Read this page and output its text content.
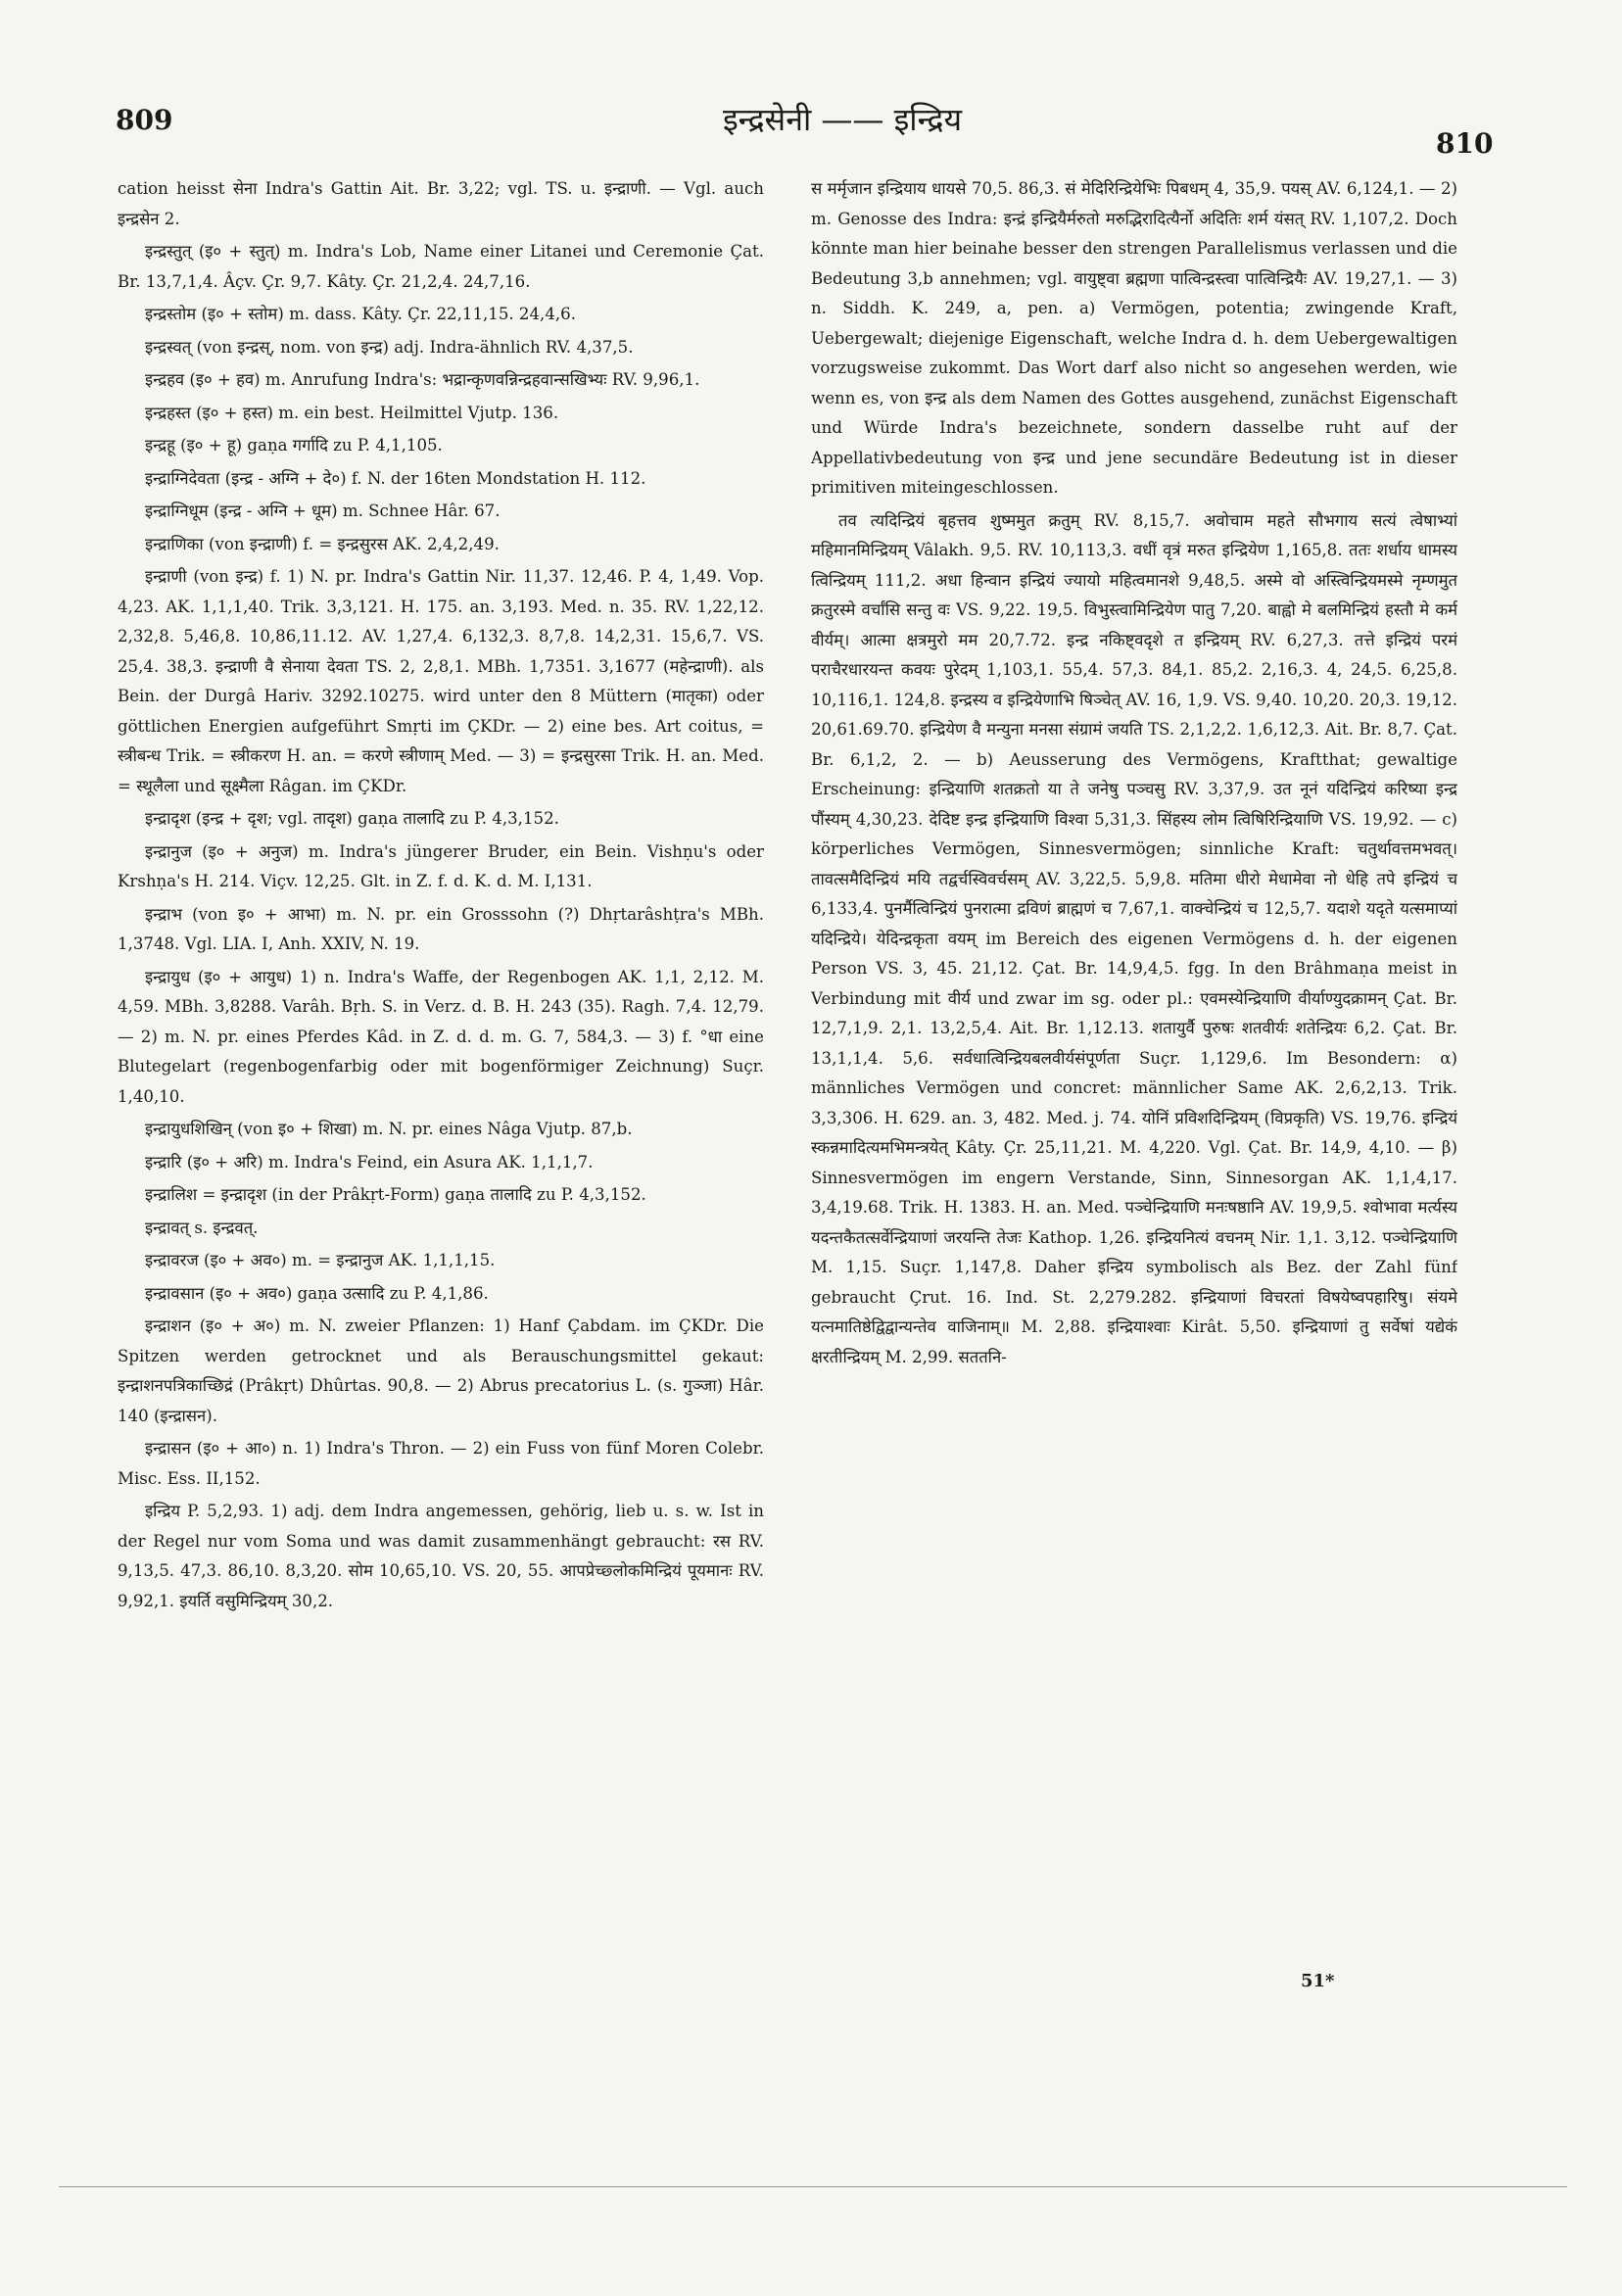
809	इन्द्रसेनी —— इन्द्रिय
810

cation heisst सेना Indra's Gattin Ait. Br. 3,22; vgl. TS. u. इन्द्राणी. — Vgl. auch इन्द्रसेन 2.

इन्द्रस्तुत् (इ० + स्तुत्) m. Indra's Lob, Name einer Litanei und Ceremonie Çat. Br. 13,7,1,4. Âçv. Çr. 9,7. Kâty. Çr. 21,2,4. 24,7,16.

इन्द्रस्तोम (इ० + स्तोम) m. dass. Kâty. Çr. 22,11,15. 24,4,6.

इन्द्रस्वत् (von इन्द्रस्, nom. von इन्द्र) adj. Indra-ähnlich RV. 4,37,5.

इन्द्रहव (इ० + हव) m. Anrufung Indra's: भद्रान्कृणवन्निन्द्रहवान्सखिभ्यः RV. 9,96,1.

इन्द्रहस्त (इ० + हस्त) m. ein best. Heilmittel Vjutp. 136.

इन्द्रहू (इ० + हू) gaṇa गर्गादि zu P. 4,1,105.

इन्द्राग्निदेवता (इन्द्र - अग्नि + दे०) f. N. der 16ten Mondstation H. 112.

इन्द्राग्निधूम (इन्द्र - अग्नि + धूम) m. Schnee Hâr. 67.

इन्द्राणिका (von इन्द्राणी) f. = इन्द्रसुरस AK. 2,4,2,49.

इन्द्राणी (von इन्द्र) f. 1) N. pr. Indra's Gattin Nir. 11,37. 12,46. P. 4, 1,49. Vop. 4,23. AK. 1,1,1,40. Trik. 3,3,121. H. 175. an. 3,193. Med. n. 35. RV. 1,22,12. 2,32,8. 5,46,8. 10,86,11.12. AV. 1,27,4. 6,132,3. 8,7,8. 14,2,31. 15,6,7. VS. 25,4. 38,3. इन्द्राणी वै सेनाया देवता TS. 2, 2,8,1. MBh. 1,7351. 3,1677 (महेन्द्राणी). als Bein. der Durgâ Hariv. 3292.10275. wird unter den 8 Müttern (मातृका) oder göttlichen Energien aufgeführt Smṛti im ÇKDr. — 2) eine bes. Art coitus, = स्त्रीबन्ध Trik. = स्त्रीकरण H. an. = करणे स्त्रीणाम् Med. — 3) = इन्द्रसुरसा Trik. H. an. Med. = स्थूलैला und सूक्ष्मैला Râgan. im ÇKDr.

इन्द्रादृश (इन्द्र + दृश; vgl. तादृश) gaṇa तालादि zu P. 4,3,152.

इन्द्रानुज (इ० + अनुज) m. Indra's jüngerer Bruder, ein Bein. Vishṇu's oder Krshṇa's H. 214. Viçv. 12,25. Glt. in Z. f. d. K. d. M. I,131.

इन्द्राभ (von इ० + आभा) m. N. pr. ein Grosssohn (?) Dhṛtarâshṭra's MBh. 1,3748. Vgl. LIA. I, Anh. XXIV, N. 19.

इन्द्रायुध (इ० + आयुध) 1) n. Indra's Waffe, der Regenbogen AK. 1,1, 2,12. M. 4,59. MBh. 3,8288. Varâh. Bṛh. S. in Verz. d. B. H. 243 (35). Ragh. 7,4. 12,79. — 2) m. N. pr. eines Pferdes Kâd. in Z. d. d. m. G. 7, 584,3. — 3) f. °धा eine Blutegelart (regenbogenfarbig oder mit bogenförmiger Zeichnung) Suçr. 1,40,10.

इन्द्रायुधशिखिन् (von इ० + शिखा) m. N. pr. eines Nâga Vjutp. 87,b.

इन्द्रारि (इ० + अरि) m. Indra's Feind, ein Asura AK. 1,1,1,7.

इन्द्रालिश = इन्द्रादृश (in der Prâkṛt-Form) gaṇa तालादि zu P. 4,3,152.

इन्द्रावत् s. इन्द्रवत्.

इन्द्रावरज (इ० + अव०) m. = इन्द्रानुज AK. 1,1,1,15.

इन्द्रावसान (इ० + अव०) gaṇa उत्सादि zu P. 4,1,86.

इन्द्राशन (इ० + अ०) m. N. zweier Pflanzen: 1) Hanf Çabdam. im ÇKDr. Die Spitzen werden getrocknet und als Berauschungsmittel gekaut: इन्द्राशनपत्रिकाच्छिद्रं (Prâkṛt) Dhûrtas. 90,8. — 2) Abrus precatorius L. (s. गुञ्जा) Hâr. 140 (इन्द्रासन).

इन्द्रासन (इ० + आ०) n. 1) Indra's Thron. — 2) ein Fuss von fünf Moren Colebr. Misc. Ess. II,152.

इन्द्रिय P. 5,2,93. 1) adj. dem Indra angemessen, gehörig, lieb u. s. w. Ist in der Regel nur vom Soma und was damit zusammenhängt gebraucht: रस RV. 9,13,5. 47,3. 86,10. 8,3,20. सोम 10,65,10. VS. 20, 55. आपप्रेच्छ्लोकमिन्द्रियं पूयमानः RV. 9,92,1. इयर्ति वसुमिन्द्रियम् 30,2.

स मर्मृजान इन्द्रियाय धायसे 70,5. 86,3. सं मेदिरिन्द्रियेभिः पिबधम् 4, 35,9. पयस् AV. 6,124,1. — 2) m. Genosse des Indra: इन्द्रं इन्द्रियैर्मरुतो मरुद्भिरादित्यैर्नो अदितिः शर्म यंसत् RV. 1,107,2. Doch könnte man hier beinahe besser den strengen Parallelismus verlassen und die Bedeutung 3,b annehmen; vgl. वायुष्ट्वा ब्रह्मणा पात्विन्द्रस्त्वा पात्विन्द्रियैः AV. 19,27,1. — 3) n. Siddh. K. 249, a, pen. a) Vermögen, potentia; zwingende Kraft, Uebergewalt; diejenige Eigenschaft, welche Indra d. h. dem Uebergewaltigen vorzugsweise zukommt. Das Wort darf also nicht so angesehen werden, wie wenn es, von इन्द्र als dem Namen des Gottes ausgehend, zunächst Eigenschaft und Würde Indra's bezeichnete, sondern dasselbe ruht auf der Appellativbedeutung von इन्द्र und jene secundäre Bedeutung ist in dieser primitiven miteingeschlossen.

तव त्यदिन्द्रियं बृहत्तव शुष्ममुत क्रतुम् RV. 8,15,7. अवोचाम महते सौभगाय सत्यं त्वेषाभ्यां महिमानमिन्द्रियम् Vâlakh. 9,5. RV. 10,113,3. वधीं वृत्रं मरुत इन्द्रियेण 1,165,8. ततः शर्धाय धामस्य त्विन्द्रियम् 111,2. अधा हिन्वान इन्द्रियं ज्यायो महित्वमानशे 9,48,5. अस्मे वो अस्त्विन्द्रियमस्मे नृम्णमुत क्रतुरस्मे वर्चांसि सन्तु वः VS. 9,22. 19,5. विभुस्त्वामिन्द्रियेण पातु 7,20. बाह्वो मे बलमिन्द्रियं हस्तौ मे कर्म वीर्यम्। आत्मा क्षत्रमुरो मम 20,7.72. इन्द्र नकिष्ट्वदृशे त इन्द्रियम् RV. 6,27,3. तत्ते इन्द्रियं परमं पराचैरधारयन्त कवयः पुरेदम् 1,103,1. 55,4. 57,3. 84,1. 85,2. 2,16,3. 4, 24,5. 6,25,8. 10,116,1. 124,8. इन्द्रस्य व इन्द्रियेणाभि षिञ्चेत् AV. 16, 1,9. VS. 9,40. 10,20. 20,3. 19,12. 20,61.69.70. इन्द्रियेण वै मन्युना मनसा संग्रामं जयति TS. 2,1,2,2. 1,6,12,3. Ait. Br. 8,7. Çat. Br. 6,1,2, 2. — b) Aeusserung des Vermögens, Kraftthat; gewaltige Erscheinung: इन्द्रियाणि शतक्रतो या ते जनेषु पञ्चसु RV. 3,37,9. उत नूनं यदिन्द्रियं करिष्या इन्द्र पौंस्यम् 4,30,23. देदिष्ट इन्द्र इन्द्रियाणि विश्वा 5,31,3. सिंहस्य लोम त्विषिरिन्द्रियाणि VS. 19,92. — c) körperliches Vermögen, Sinnesvermögen; sinnliche Kraft: चतुर्थावत्तमभवत्। तावत्समैदिन्द्रियं मयि तद्वर्चस्विवर्चसम् AV. 3,22,5. 5,9,8. मतिमा धीरो मेधामेवा नो धेहि तपे इन्द्रियं च 6,133,4. पुनर्मैत्विन्द्रियं पुनरात्मा द्रविणं ब्राह्मणं च 7,67,1. वाक्चेन्द्रियं च 12,5,7. यदाशे यदृते यत्समाप्यां यदिन्द्रिये। येदिन्द्रकृता वयम् im Bereich des eigenen Vermögens d. h. der eigenen Person VS. 3, 45. 21,12. Çat. Br. 14,9,4,5. fgg. In den Brâhmaṇa meist in Verbindung mit वीर्य und zwar im sg. oder pl.: एवमस्येन्द्रियाणि वीर्याण्युदक्रामन् Çat. Br. 12,7,1,9. 2,1. 13,2,5,4. Ait. Br. 1,12.13. शतायुर्वै पुरुषः शतवीर्यः शतेन्द्रियः 6,2. Çat. Br. 13,1,1,4. 5,6. सर्वधात्विन्द्रियबलवीर्यसंपूर्णता Suçr. 1,129,6. Im Besondern: α) männliches Vermögen und concret: männlicher Same AK. 2,6,2,13. Trik. 3,3,306. H. 629. an. 3, 482. Med. j. 74. योनिं प्रविशदिन्द्रियम् (विप्रकृति) VS. 19,76. इन्द्रियं स्कन्नमादित्यमभिमन्त्रयेत् Kâty. Çr. 25,11,21. M. 4,220. Vgl. Çat. Br. 14,9, 4,10. — β) Sinnesvermögen im engern Verstande, Sinn, Sinnesorgan AK. 1,1,4,17. 3,4,19.68. Trik. H. 1383. H. an. Med. पञ्चेन्द्रियाणि मनःषष्ठानि AV. 19,9,5. श्वोभावा मर्त्यस्य यदन्तकैतत्सर्वेन्द्रियाणां जरयन्ति तेजः Kathop. 1,26. इन्द्रियनित्यं वचनम् Nir. 1,1. 3,12. पञ्चेन्द्रियाणि M. 1,15. Suçr. 1,147,8. Daher इन्द्रिय symbolisch als Bez. der Zahl fünf gebraucht Çrut. 16. Ind. St. 2,279.282. इन्द्रियाणां विचरतां विषयेष्वपहारिषु। संयमे यत्नमातिष्ठेद्विद्वान्यन्तेव वाजिनाम्॥ M. 2,88. इन्द्रियाश्वाः Kirât. 5,50. इन्द्रियाणां तु सर्वेषां यद्येकं क्षरतीन्द्रियम् M. 2,99. सततनि-

51*
